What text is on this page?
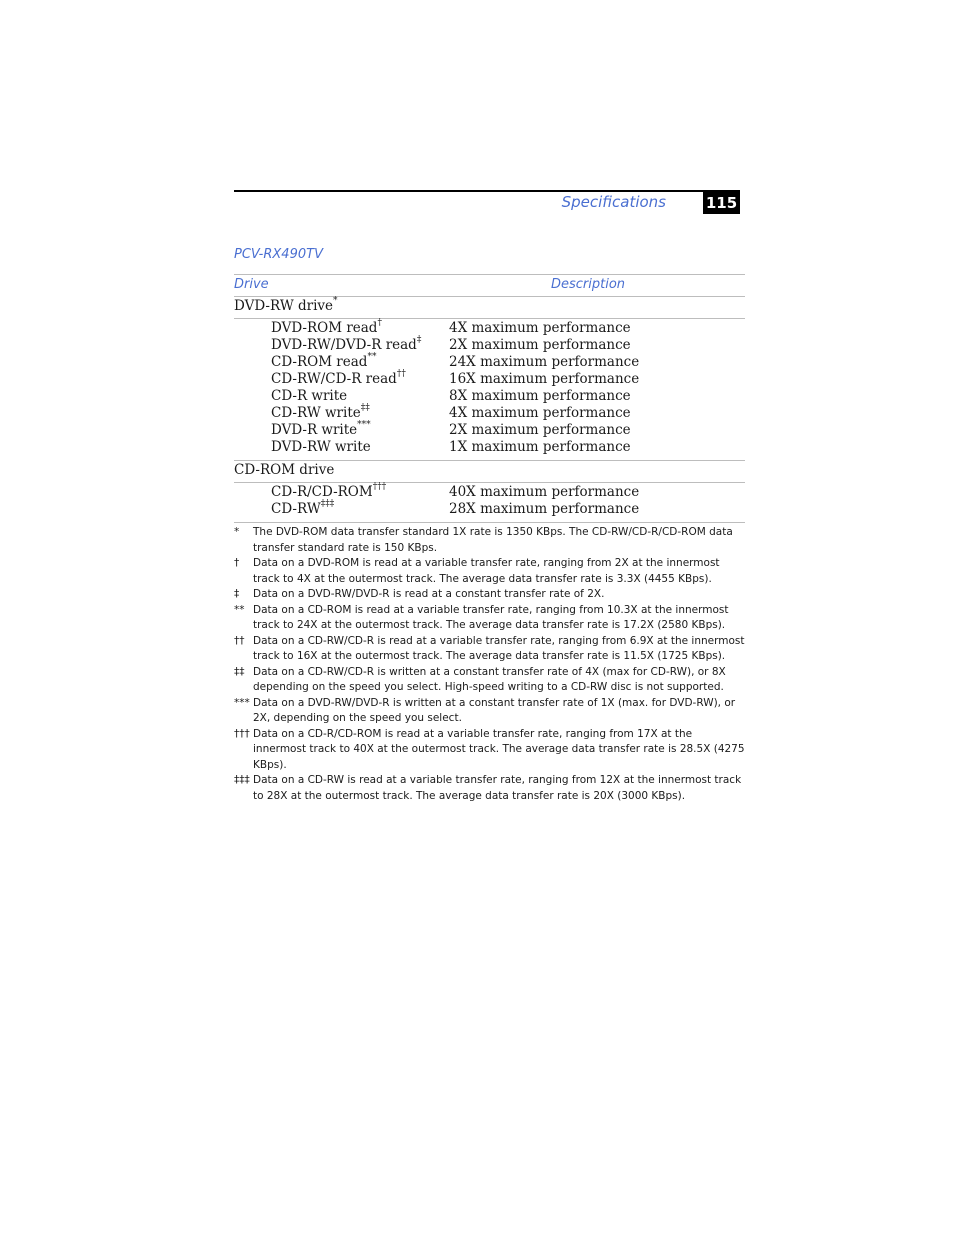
Specifications	115
PCV-RX490TV
Drive	Description
DVD-RW drive*
DVD-ROM read†	4X maximum performance
DVD-RW/DVD-R read‡ 2X maximum performance
CD-ROM read**	24X maximum performance
CD-RW/CD-R read††	16X maximum performance
CD-R write	8X maximum performance
CD-RW write‡‡	4X maximum performance
DVD-R write***	2X maximum performance
DVD-RW write	1X maximum performance
CD-ROM drive
CD-R/CD-ROM†††	40X maximum performance
CD-RW‡‡‡	28X maximum performance
* The DVD-ROM data transfer standard 1X rate is 1350 KBps. The CD-RW/CD-R/CD-ROM data transfer standard rate is 150 KBps.
† Data on a DVD-ROM is read at a variable transfer rate, ranging from 2X at the innermost track to 4X at the outermost track. The average data transfer rate is 3.3X (4455 KBps).
‡ Data on a DVD-RW/DVD-R is read at a constant transfer rate of 2X.
** Data on a CD-ROM is read at a variable transfer rate, ranging from 10.3X at the innermost track to 24X at the outermost track. The average data transfer rate is 17.2X (2580 KBps).
†† Data on a CD-RW/CD-R is read at a variable transfer rate, ranging from 6.9X at the innermost track to 16X at the outermost track. The average data transfer rate is 11.5X (1725 KBps).
‡‡ Data on a CD-RW/CD-R is written at a constant transfer rate of 4X (max for CD-RW), or 8X depending on the speed you select. High-speed writing to a CD-RW disc is not supported.
*** Data on a DVD-RW/DVD-R is written at a constant transfer rate of 1X (max. for DVD-RW), or 2X, depending on the speed you select.
††† Data on a CD-R/CD-ROM is read at a variable transfer rate, ranging from 17X at the innermost track to 40X at the outermost track. The average data transfer rate is 28.5X (4275 KBps).
‡‡‡ Data on a CD-RW is read at a variable transfer rate, ranging from 12X at the innermost track to 28X at the outermost track. The average data transfer rate is 20X (3000 KBps).
